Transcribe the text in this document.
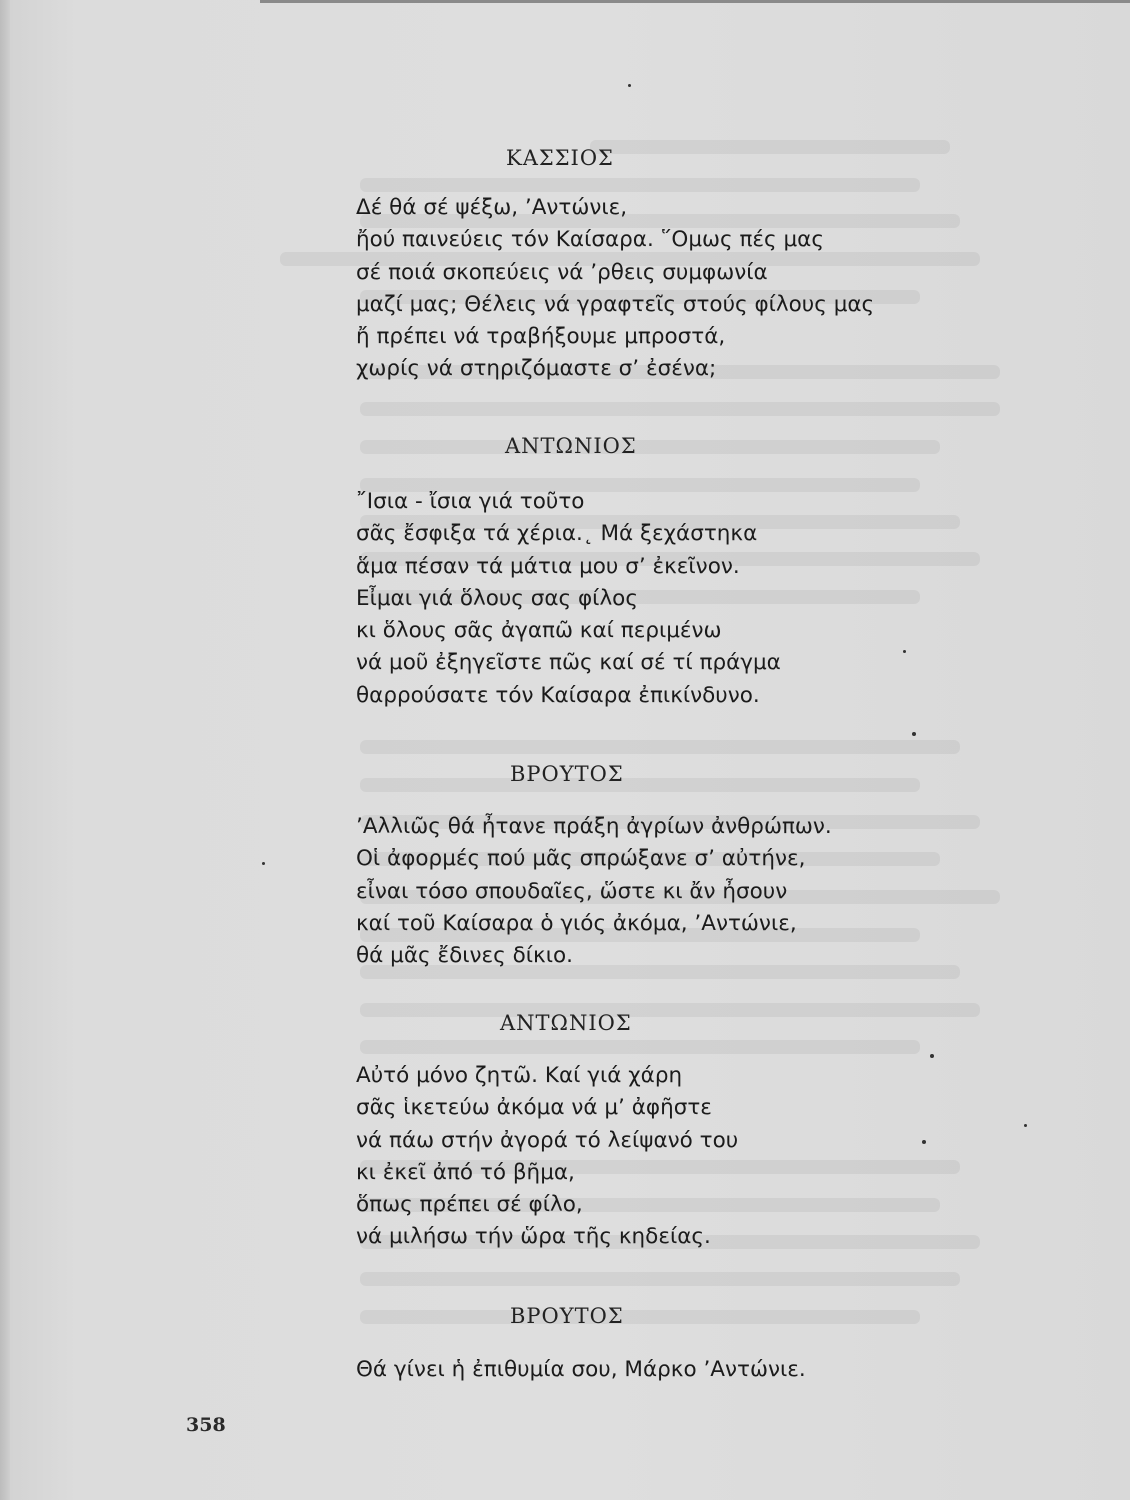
ΚΑΣΣΙΟΣ
Δέ θά σέ ψέξω, ’Αντώνιε,
ἤού παινεύεις τόν Καίσαρα. ῞Ομως πές μας
σέ ποιά σκοπεύεις νά ’ρθεις συμφωνία
μαζί μας; Θέλεις νά γραφτεῖς στούς φίλους μας
ἤ πρέπει νά τραβήξουμε μπροστά,
χωρίς νά στηριζόμαστε σ’ ἐσένα;
ΑΝΤΩΝΙΟΣ
῎Ισια - ἴσια γιά τοῦτο
σᾶς ἔσφιξα τά χέρια.˛ Μά ξεχάστηκα
ἅμα πέσαν τά μάτια μου σ’ ἐκεῖνον.
Εἶμαι γιά ὅλους σας φίλος
κι ὅλους σᾶς ἀγαπῶ καί περιμένω
νά μοῦ ἐξηγεῖστε πῶς καί σέ τί πράγμα
θαρρούσατε τόν Καίσαρα ἐπικίνδυνο.
ΒΡΟΥΤΟΣ
’Αλλιῶς θά ἦτανε πράξη ἀγρίων ἀνθρώπων.
Οἱ ἀφορμές πού μᾶς σπρώξανε σ’ αὐτήνε,
εἶναι τόσο σπουδαῖες, ὥστε κι ἄν ἦσουν
καί τοῦ Καίσαρα ὁ γιός ἀκόμα, ’Αντώνιε,
θά μᾶς ἔδινες δίκιο.
ΑΝΤΩΝΙΟΣ
Αὐτό μόνο ζητῶ. Καί γιά χάρη
σᾶς ἱκετεύω ἀκόμα νά μ’ ἀφῆστε
νά πάω στήν ἀγορά τό λείψανό του
κι ἐκεῖ ἀπό τό βῆμα,
ὅπως πρέπει σέ φίλο,
νά μιλήσω τήν ὥρα τῆς κηδείας.
ΒΡΟΥΤΟΣ
Θά γίνει ἡ ἐπιθυμία σου, Μάρκο ’Αντώνιε.
358
